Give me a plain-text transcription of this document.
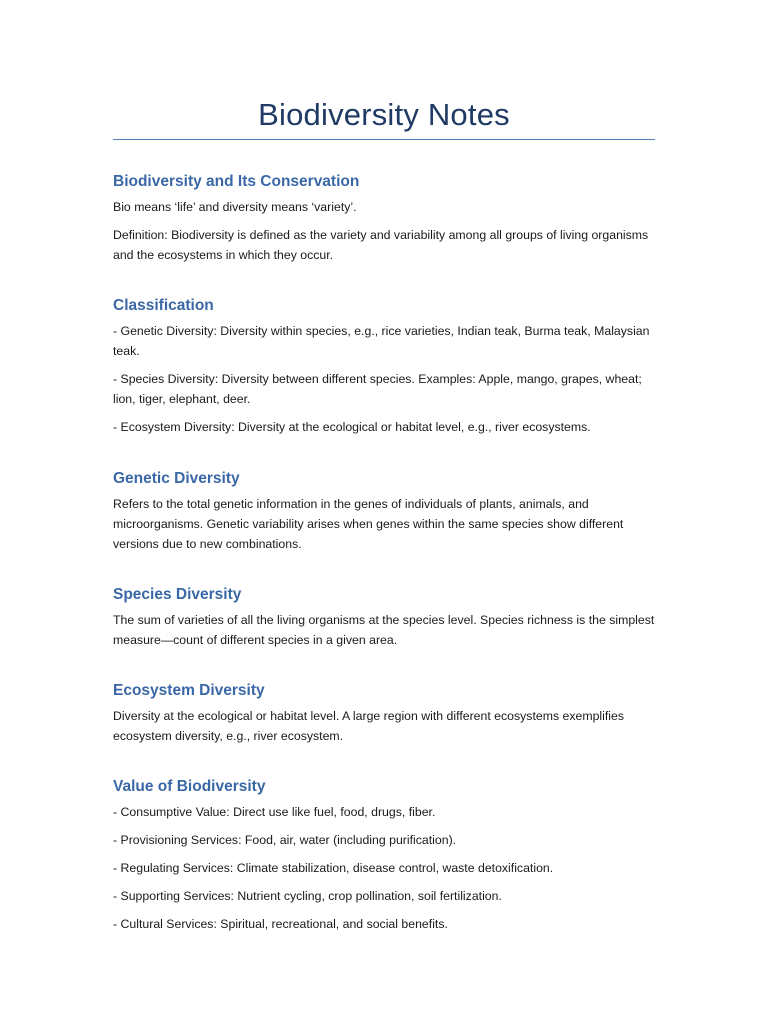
Biodiversity Notes
Biodiversity and Its Conservation

Bio means ‘life’ and diversity means ‘variety’.

Definition: Biodiversity is defined as the variety and variability among all groups of living organisms and the ecosystems in which they occur.

Classification

- Genetic Diversity: Diversity within species, e.g., rice varieties, Indian teak, Burma teak, Malaysian teak.

- Species Diversity: Diversity between different species. Examples: Apple, mango, grapes, wheat; lion, tiger, elephant, deer.

- Ecosystem Diversity: Diversity at the ecological or habitat level, e.g., river ecosystems.

Genetic Diversity

Refers to the total genetic information in the genes of individuals of plants, animals, and microorganisms. Genetic variability arises when genes within the same species show different versions due to new combinations.

Species Diversity

The sum of varieties of all the living organisms at the species level. Species richness is the simplest measure—count of different species in a given area.

Ecosystem Diversity

Diversity at the ecological or habitat level. A large region with different ecosystems exemplifies ecosystem diversity, e.g., river ecosystem.

Value of Biodiversity

- Consumptive Value: Direct use like fuel, food, drugs, fiber.

- Provisioning Services: Food, air, water (including purification).

- Regulating Services: Climate stabilization, disease control, waste detoxification.

- Supporting Services: Nutrient cycling, crop pollination, soil fertilization.

- Cultural Services: Spiritual, recreational, and social benefits.
